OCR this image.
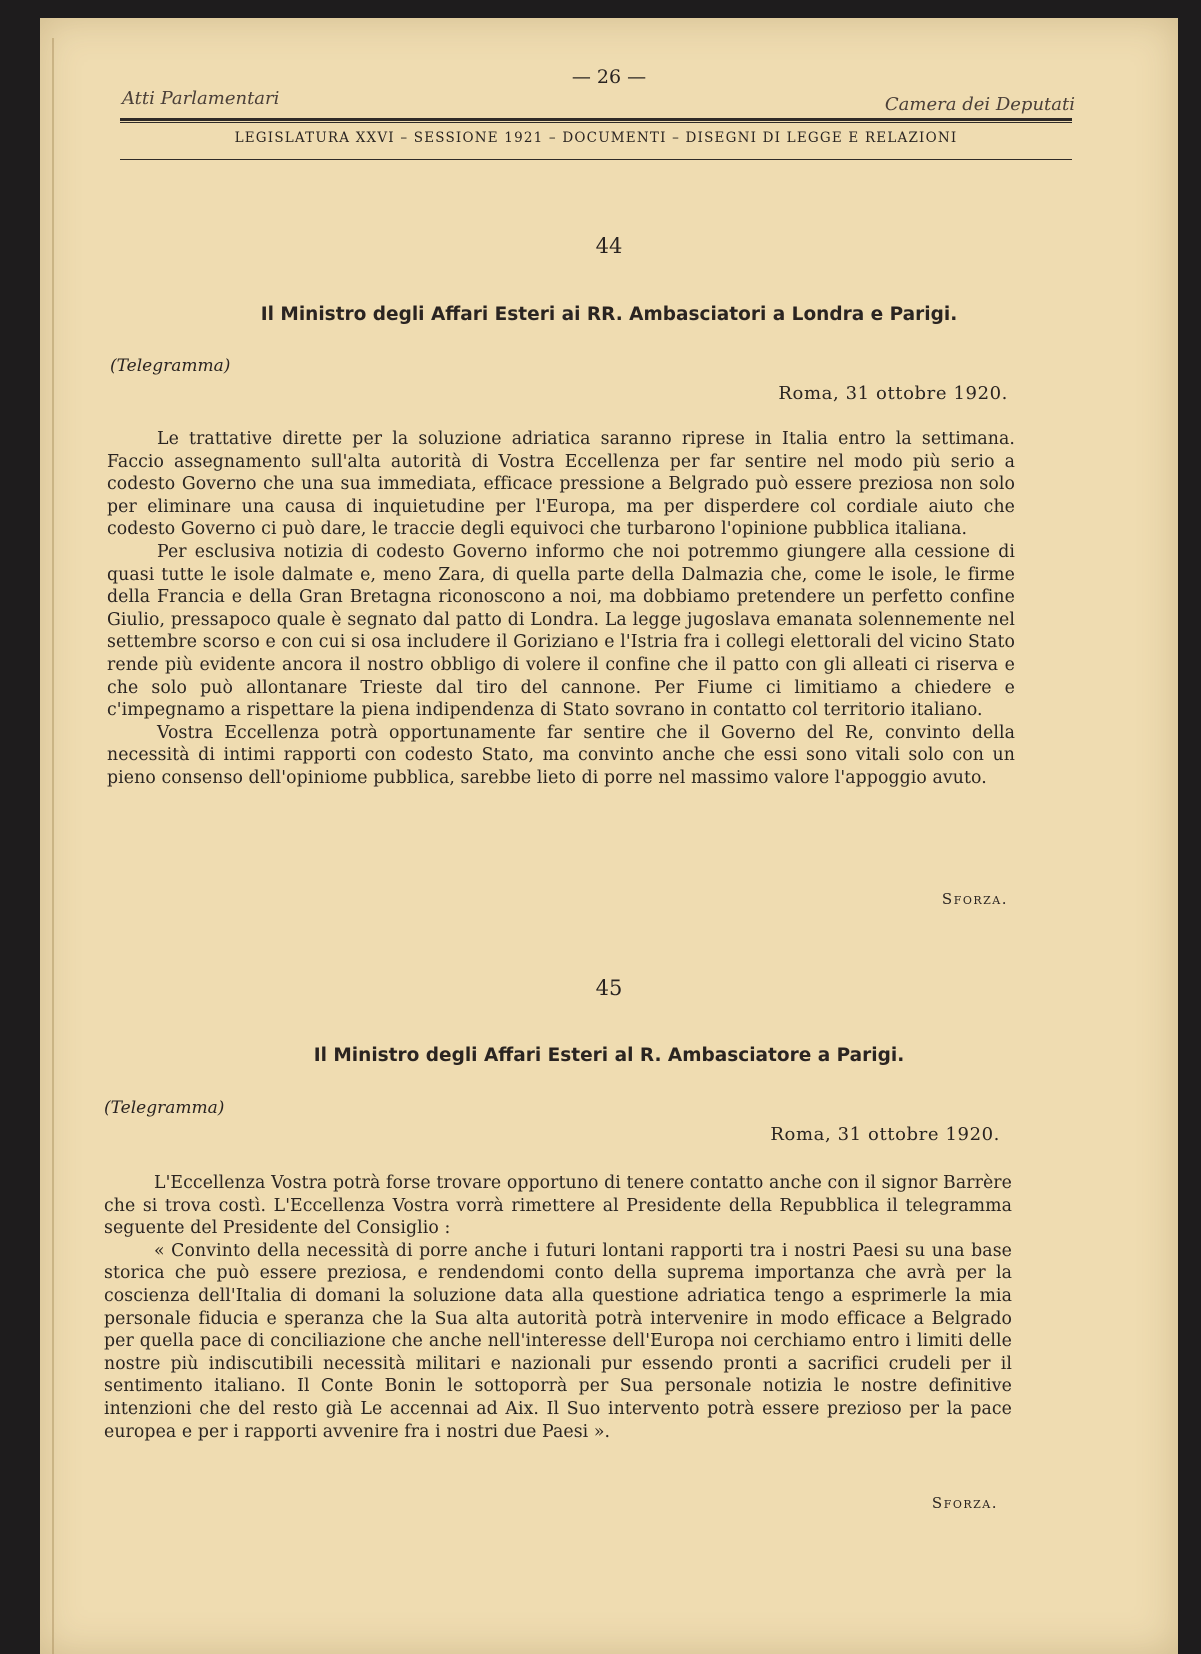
— 26 —
Atti Parlamentari	Camera dei Deputati
LEGISLATURA XXVI – SESSIONE 1921 – DOCUMENTI – DISEGNI DI LEGGE E RELAZIONI
44
Il Ministro degli Affari Esteri ai RR. Ambasciatori a Londra e Parigi.
(Telegramma)
Roma, 31 ottobre 1920.

Le trattative dirette per la soluzione adriatica saranno riprese in Italia entro la settimana. Faccio assegnamento sull'alta autorità di Vostra Eccellenza per far sentire nel modo più serio a codesto Governo che una sua immediata, efficace pressione a Belgrado può essere preziosa non solo per eliminare una causa di inquietudine per l'Europa, ma per disperdere col cordiale aiuto che codesto Governo ci può dare, le traccie degli equivoci che turbarono l'opinione pubblica italiana.

Per esclusiva notizia di codesto Governo informo che noi potremmo giungere alla cessione di quasi tutte le isole dalmate e, meno Zara, di quella parte della Dalmazia che, come le isole, le firme della Francia e della Gran Bretagna riconoscono a noi, ma dobbiamo pretendere un perfetto confine Giulio, pressapoco quale è segnato dal patto di Londra. La legge jugoslava emanata solennemente nel settembre scorso e con cui si osa includere il Goriziano e l'Istria fra i collegi elettorali del vicino Stato rende più evidente ancora il nostro obbligo di volere il confine che il patto con gli alleati ci riserva e che solo può allontanare Trieste dal tiro del cannone. Per Fiume ci limitiamo a chiedere e c'impegnamo a rispettare la piena indipendenza di Stato sovrano in contatto col territorio italiano.

Vostra Eccellenza potrà opportunamente far sentire che il Governo del Re, convinto della necessità di intimi rapporti con codesto Stato, ma convinto anche che essi sono vitali solo con un pieno consenso dell'opiniome pubblica, sarebbe lieto di porre nel massimo valore l'appoggio avuto.

Sforza.
45
Il Ministro degli Affari Esteri al R. Ambasciatore a Parigi.
(Telegramma)
Roma, 31 ottobre 1920.

L'Eccellenza Vostra potrà forse trovare opportuno di tenere contatto anche con il signor Barrère che si trova costì. L'Eccellenza Vostra vorrà rimettere al Presidente della Repubblica il telegramma seguente del Presidente del Consiglio :

« Convinto della necessità di porre anche i futuri lontani rapporti tra i nostri Paesi su una base storica che può essere preziosa, e rendendomi conto della suprema importanza che avrà per la coscienza dell'Italia di domani la soluzione data alla questione adriatica tengo a esprimerle la mia personale fiducia e speranza che la Sua alta autorità potrà intervenire in modo efficace a Belgrado per quella pace di conciliazione che anche nell'interesse dell'Europa noi cerchiamo entro i limiti delle nostre più indiscutibili necessità militari e nazionali pur essendo pronti a sacrifici crudeli per il sentimento italiano. Il Conte Bonin le sottoporrà per Sua personale notizia le nostre definitive intenzioni che del resto già Le accennai ad Aix. Il Suo intervento potrà essere prezioso per la pace europea e per i rapporti avvenire fra i nostri due Paesi ».

Sforza.
